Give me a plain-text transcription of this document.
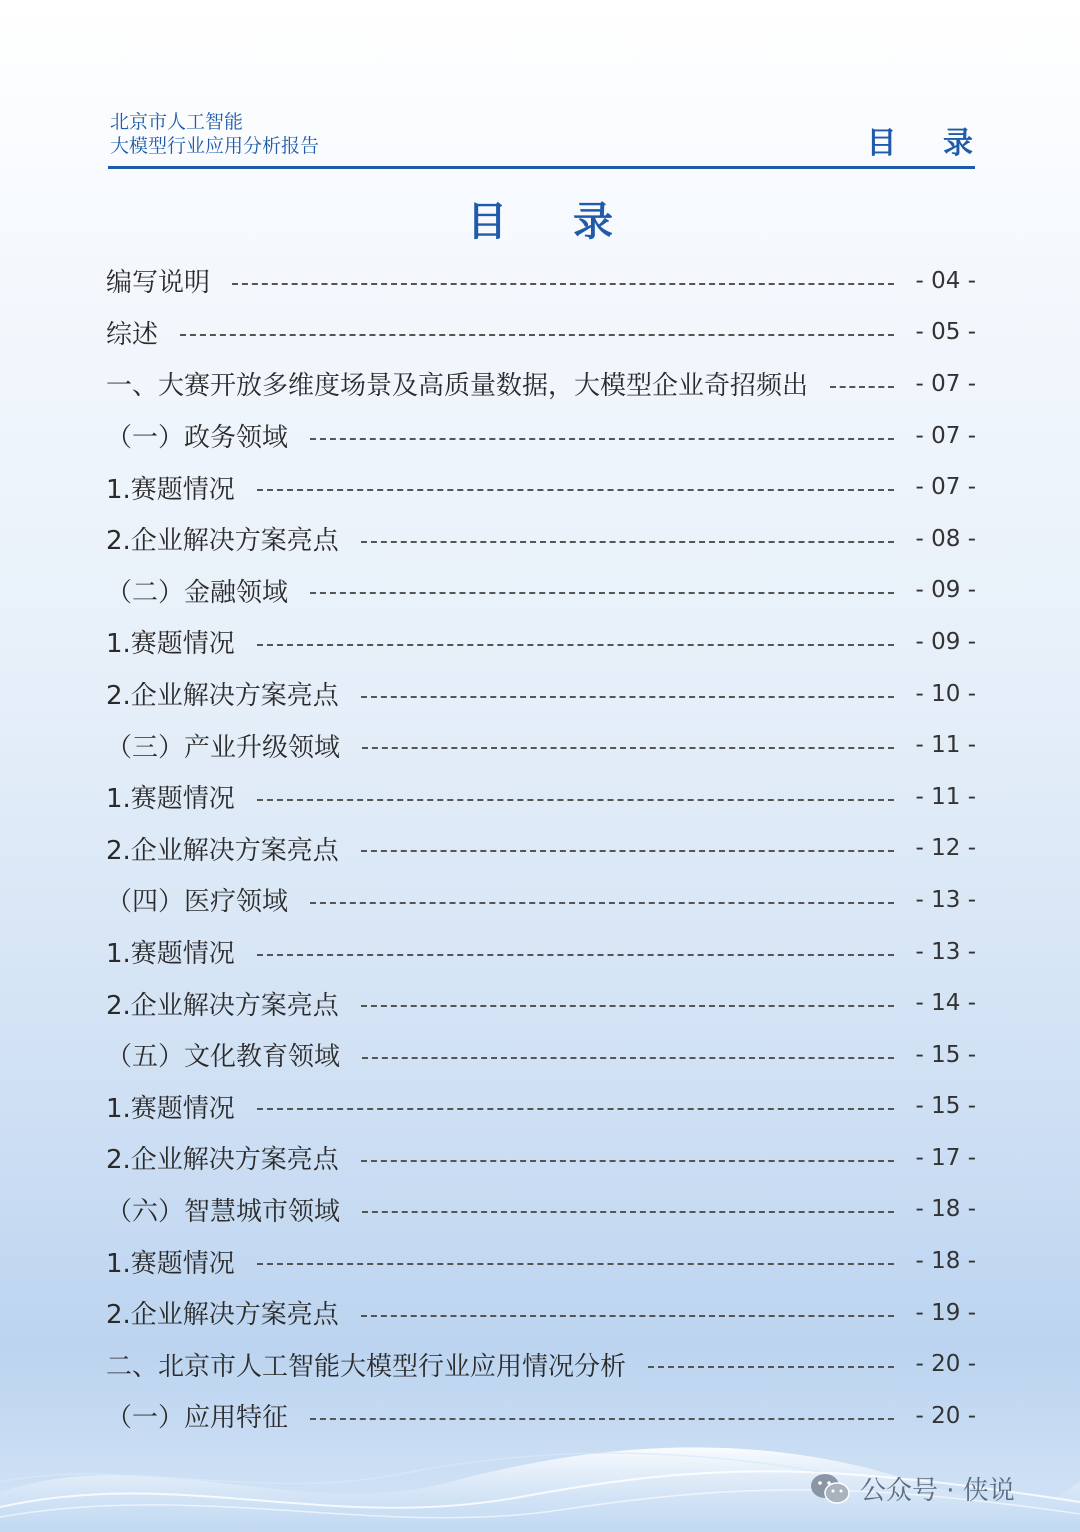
北京市人工智能
大模型行业应用分析报告	目 录
目 录
编写说明	- 04 -
综述	- 05 -
一、大赛开放多维度场景及高质量数据，大模型企业奇招频出	- 07 -
（一）政务领域	- 07 -
1.赛题情况	- 07 -
2.企业解决方案亮点	- 08 -
（二）金融领域	- 09 -
1.赛题情况	- 09 -
2.企业解决方案亮点	- 10 -
（三）产业升级领域	- 11 -
1.赛题情况	- 11 -
2.企业解决方案亮点	- 12 -
（四）医疗领域	- 13 -
1.赛题情况	- 13 -
2.企业解决方案亮点	- 14 -
（五）文化教育领域	- 15 -
1.赛题情况	- 15 -
2.企业解决方案亮点	- 17 -
（六）智慧城市领域	- 18 -
1.赛题情况	- 18 -
2.企业解决方案亮点	- 19 -
二、北京市人工智能大模型行业应用情况分析	- 20 -
（一）应用特征	- 20 -
公众号 · 侠说
